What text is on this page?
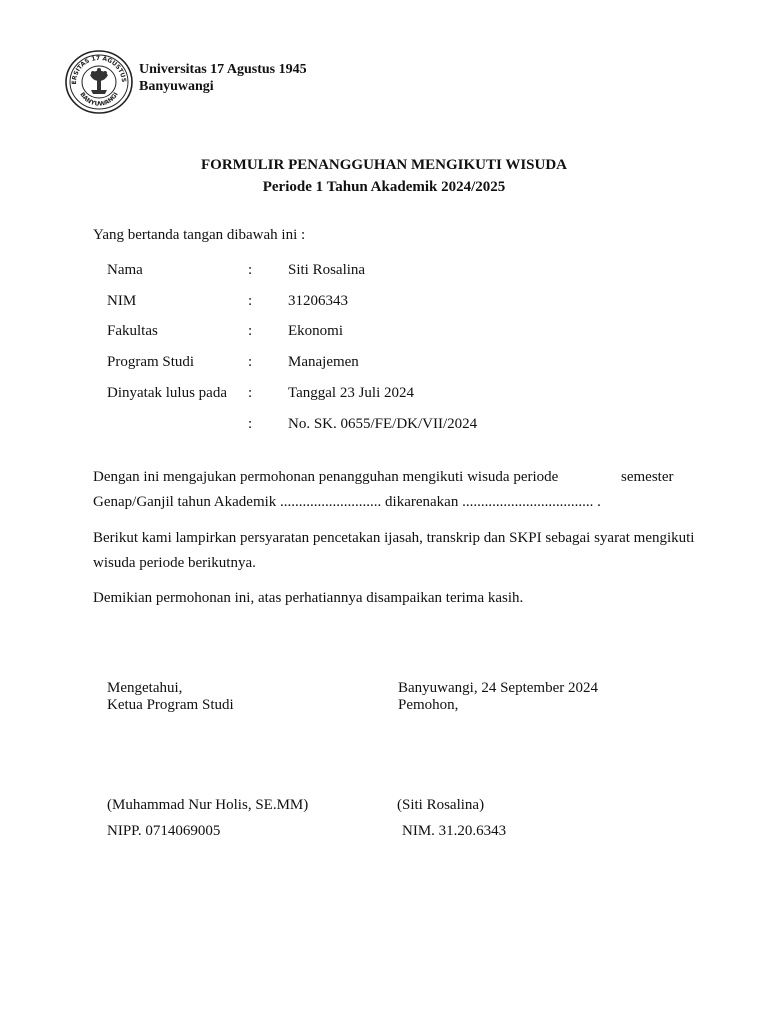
ERSITAS 17 AGUSTUS
BANYUWANGI
Universitas 17 Agustus 1945
Banyuwangi
FORMULIR PENANGGUHAN MENGIKUTI WISUDA
Periode 1 Tahun Akademik 2024/2025
Yang bertanda tangan dibawah ini :
Nama	: Siti Rosalina
NIM	: 31206343
Fakultas	: Ekonomi
Program Studi	: Manajemen
Dinyatak lulus pada : Tanggal 23 Juli 2024
: No. SK. 0655/FE/DK/VII/2024
Dengan ini mengajukan permohonan penangguhan mengikuti wisuda periode	semester
Genap/Ganjil tahun Akademik ........................... dikarenakan ................................... .
Berikut kami lampirkan persyaratan pencetakan ijasah, transkrip dan SKPI sebagai syarat mengikuti
wisuda periode berikutnya.
Demikian permohonan ini, atas perhatiannya disampaikan terima kasih.
Mengetahui,
Ketua Program Studi
Banyuwangi, 24 September 2024
Pemohon,
(Muhammad Nur Holis, SE.MM)	(Siti Rosalina)
NIPP. 0714069005	NIM. 31.20.6343
